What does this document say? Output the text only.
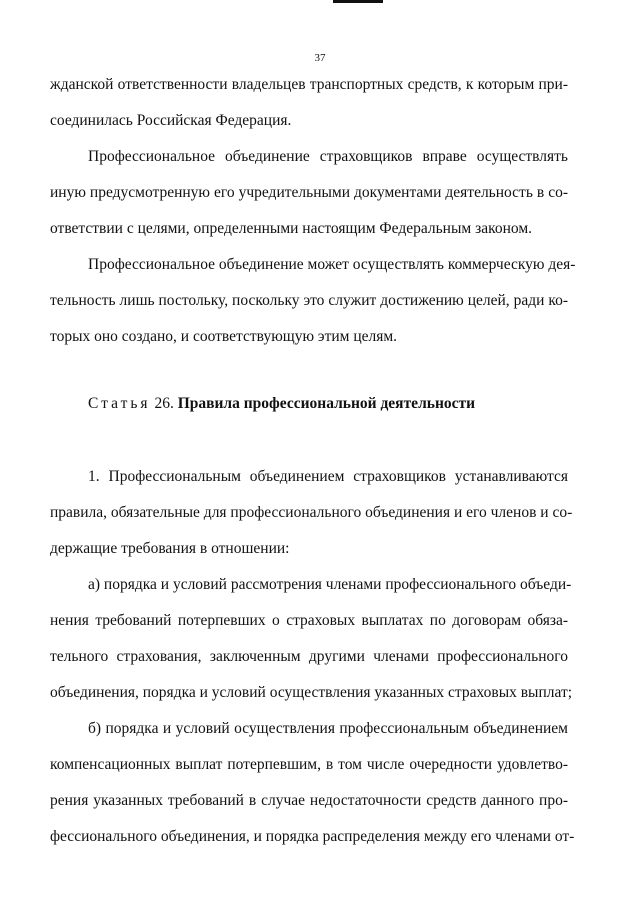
37
жданской ответственности владельцев транспортных средств, к которым при-
соединилась Российская Федерация.
Профессиональное объединение страховщиков вправе осуществлять
иную предусмотренную его учредительными документами деятельность в со-
ответствии с целями, определенными настоящим Федеральным законом.
Профессиональное объединение может осуществлять коммерческую дея-
тельность лишь постольку, поскольку это служит достижению целей, ради ко-
торых оно создано, и соответствующую этим целям.
Статья 26. Правила профессиональной деятельности
1. Профессиональным объединением страховщиков устанавливаются
правила, обязательные для профессионального объединения и его членов и со-
держащие требования в отношении:
а) порядка и условий рассмотрения членами профессионального объеди-
нения требований потерпевших о страховых выплатах по договорам обяза-
тельного страхования, заключенным другими членами профессионального
объединения, порядка и условий осуществления указанных страховых выплат;
б) порядка и условий осуществления профессиональным объединением
компенсационных выплат потерпевшим, в том числе очередности удовлетво-
рения указанных требований в случае недостаточности средств данного про-
фессионального объединения, и порядка распределения между его членами от-
